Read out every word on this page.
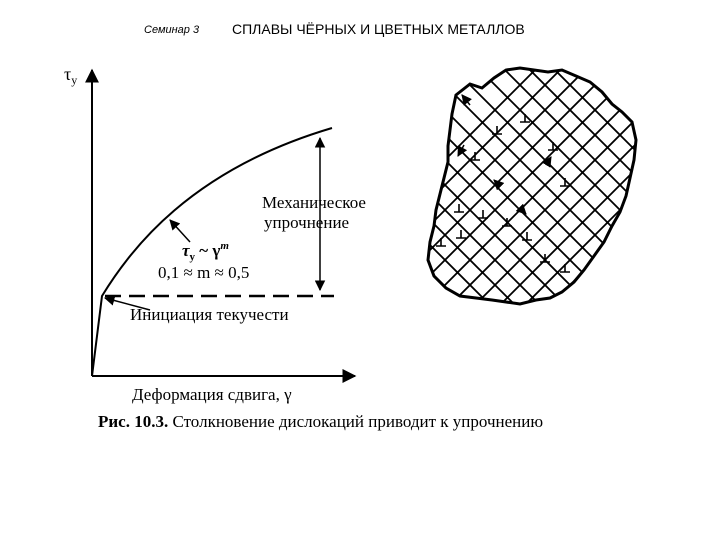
Семинар 3 СПЛАВЫ ЧЁРНЫХ И ЦВЕТНЫХ МЕТАЛЛОВ
$\tau_у$
Деформация сдвига, γ
Механическое
упрочнение
$\tau_у$ ~ $\gamma^m$
0,1 ≈ m ≈ 0,5
Инициация текучести
Рис. 10.3. Столкновение дислокаций приводит к упрочнению
